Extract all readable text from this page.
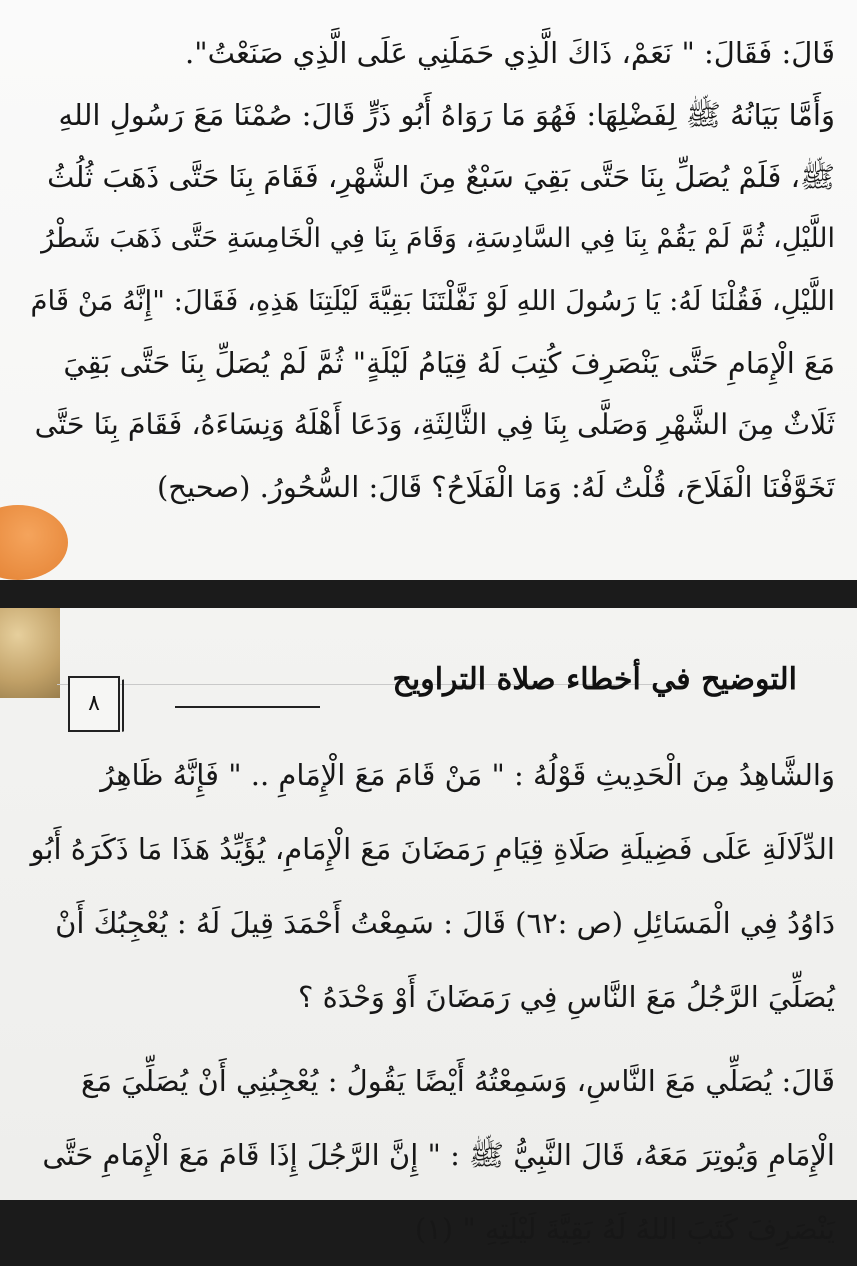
قَالَ: فَقَالَ: " نَعَمْ، ذَاكَ الَّذِي حَمَلَنِي عَلَى الَّذِي صَنَعْتُ".
وَأَمَّا بَيَانُهُ ﷺ لِفَضْلِهَا: فَهُوَ مَا رَوَاهُ أَبُو ذَرٍّ قَالَ: صُمْنَا مَعَ رَسُولِ اللهِ
ﷺ، فَلَمْ يُصَلِّ بِنَا حَتَّى بَقِيَ سَبْعٌ مِنَ الشَّهْرِ، فَقَامَ بِنَا حَتَّى ذَهَبَ ثُلُثُ
اللَّيْلِ، ثُمَّ لَمْ يَقُمْ بِنَا فِي السَّادِسَةِ، وَقَامَ بِنَا فِي الْخَامِسَةِ حَتَّى ذَهَبَ شَطْرُ
اللَّيْلِ، فَقُلْنَا لَهُ: يَا رَسُولَ اللهِ لَوْ نَفَّلْتَنَا بَقِيَّةَ لَيْلَتِنَا هَذِهِ، فَقَالَ: "إِنَّهُ مَنْ قَامَ
مَعَ الْإِمَامِ حَتَّى يَنْصَرِفَ كُتِبَ لَهُ قِيَامُ لَيْلَةٍ" ثُمَّ لَمْ يُصَلِّ بِنَا حَتَّى بَقِيَ
ثَلَاثٌ مِنَ الشَّهْرِ وَصَلَّى بِنَا فِي الثَّالِثَةِ، وَدَعَا أَهْلَهُ وَنِسَاءَهُ، فَقَامَ بِنَا حَتَّى
تَخَوَّفْنَا الْفَلَاحَ، قُلْتُ لَهُ: وَمَا الْفَلَاحُ؟ قَالَ: السُّحُورُ. (صحيح)
التوضيح في أخطاء صلاة التراويح
٨
وَالشَّاهِدُ مِنَ الْحَدِيثِ قَوْلُهُ : " مَنْ قَامَ مَعَ الْإِمَامِ .. " فَإِنَّهُ ظَاهِرُ
الدِّلَالَةِ عَلَى فَضِيلَةِ صَلَاةِ قِيَامِ رَمَضَانَ مَعَ الْإِمَامِ، يُؤَيِّدُ هَذَا مَا ذَكَرَهُ أَبُو
دَاوُدُ فِي الْمَسَائِلِ (ص :٦٢) قَالَ : سَمِعْتُ أَحْمَدَ قِيلَ لَهُ : يُعْجِبُكَ أَنْ
يُصَلِّيَ الرَّجُلُ مَعَ النَّاسِ فِي رَمَضَانَ أَوْ وَحْدَهُ ؟
قَالَ: يُصَلِّي مَعَ النَّاسِ، وَسَمِعْتُهُ أَيْضًا يَقُولُ : يُعْجِبُنِي أَنْ يُصَلِّيَ مَعَ
الْإِمَامِ وَيُوتِرَ مَعَهُ، قَالَ النَّبِيُّ ﷺ : " إِنَّ الرَّجُلَ إِذَا قَامَ مَعَ الْإِمَامِ حَتَّى
يَنْصَرِفَ كَتَبَ اللهُ لَهُ بَقِيَّةَ لَيْلَتِهِ " (١)
